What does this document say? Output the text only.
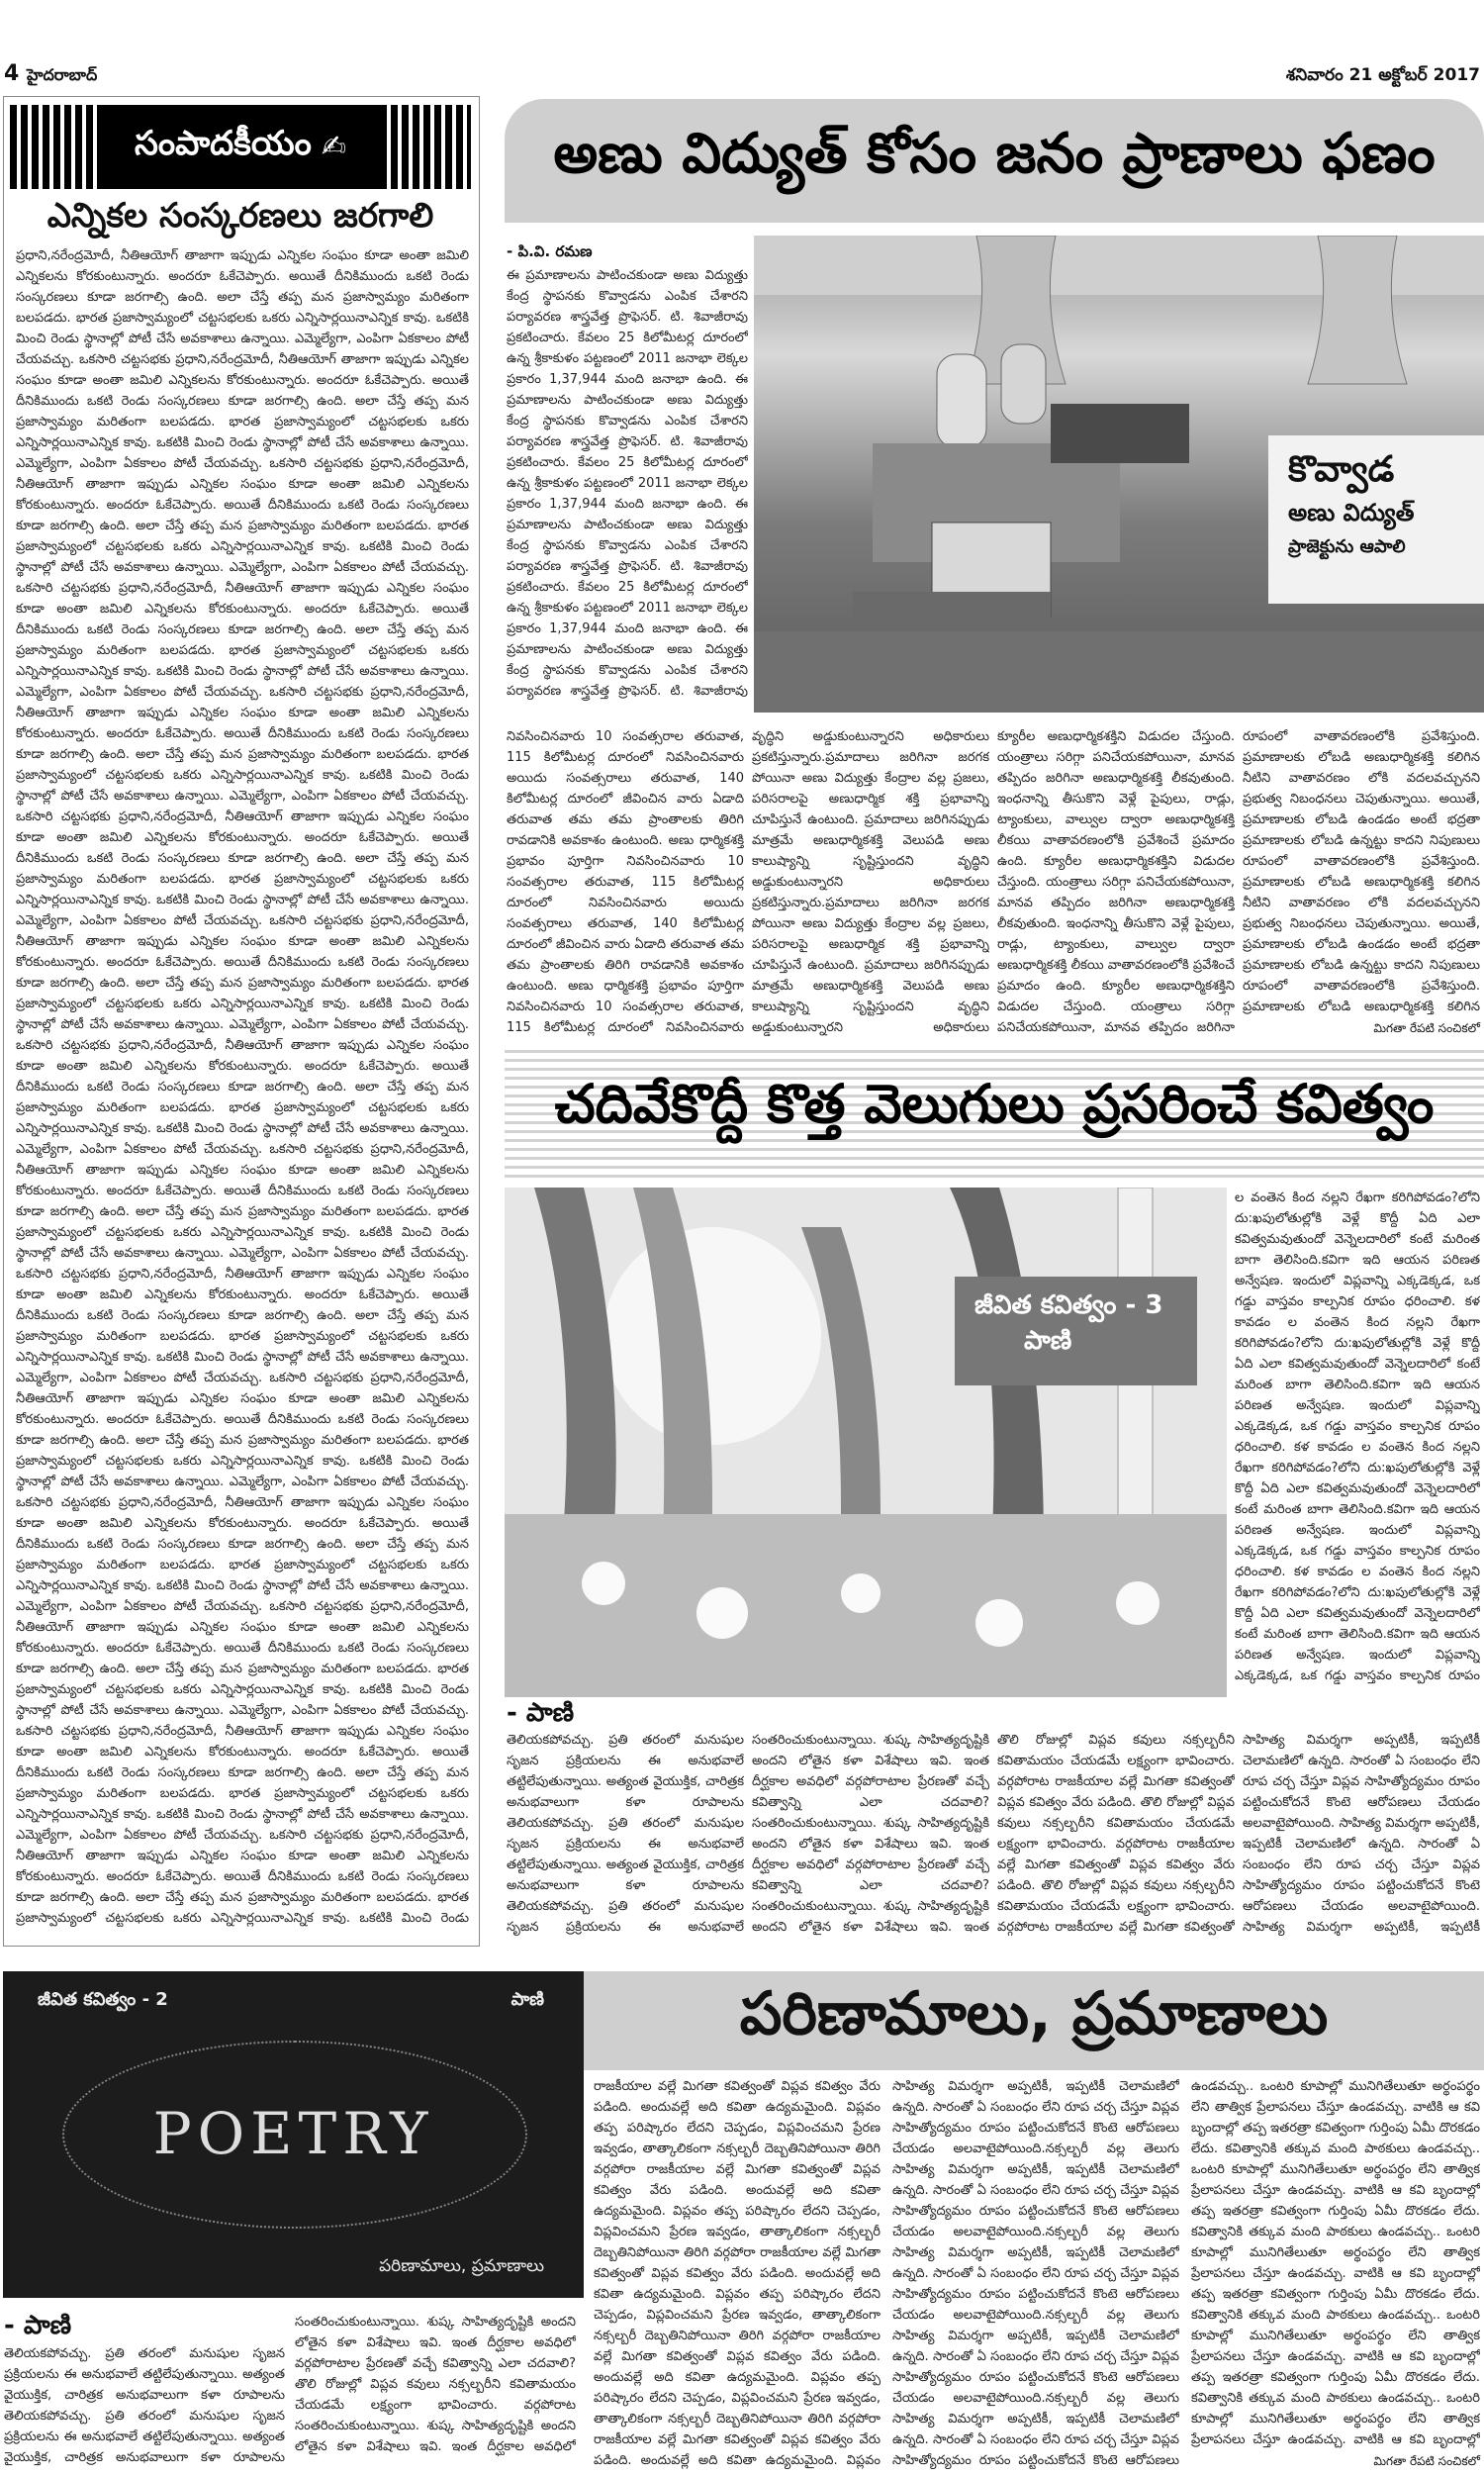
4 హైదరాబాద్	శనివారం 21 అక్టోబర్ 2017
సంపాదకీయం ✍
ఎన్నికల సంస్కరణలు జరగాలి
ప్రధాని,నరేంద్రమోదీ, నీతిఆయోగ్ తాజాగా ఇప్పుడు ఎన్నికల సంఘం కూడా అంతా జమిలి ఎన్నికలను కోరకుంటున్నారు. అందరూ ఓకేచెప్పారు. అయితే దీనికిముందు ఒకటి రెండు సంస్కరణలు కూడా జరగాల్సి ఉంది. అలా చేస్తే తప్ప మన ప్రజాస్వామ్యం మరితంగా బలపడదు. భారత ప్రజాస్వామ్యంలో చట్టసభలకు ఒకరు ఎన్నిసార్లయినాఎన్నిక కావు. ఒకటికి మించి రెండు స్థానాల్లో పోటీ చేసే అవకాశాలు ఉన్నాయి. ఎమ్మెల్యేగా, ఎంపిగా ఏకకాలం పోటీ చేయవచ్చు. ఒకసారి చట్టసభకు ప్రధాని,నరేంద్రమోదీ, నీతిఆయోగ్ తాజాగా ఇప్పుడు ఎన్నికల సంఘం కూడా అంతా జమిలి ఎన్నికలను కోరకుంటున్నారు. అందరూ ఓకేచెప్పారు. అయితే దీనికిముందు ఒకటి రెండు సంస్కరణలు కూడా జరగాల్సి ఉంది. అలా చేస్తే తప్ప మన ప్రజాస్వామ్యం మరితంగా బలపడదు. భారత ప్రజాస్వామ్యంలో చట్టసభలకు ఒకరు ఎన్నిసార్లయినాఎన్నిక కావు. ఒకటికి మించి రెండు స్థానాల్లో పోటీ చేసే అవకాశాలు ఉన్నాయి. ఎమ్మెల్యేగా, ఎంపిగా ఏకకాలం పోటీ చేయవచ్చు. ఒకసారి చట్టసభకు ప్రధాని,నరేంద్రమోదీ, నీతిఆయోగ్ తాజాగా ఇప్పుడు ఎన్నికల సంఘం కూడా అంతా జమిలి ఎన్నికలను కోరకుంటున్నారు. అందరూ ఓకేచెప్పారు. అయితే దీనికిముందు ఒకటి రెండు సంస్కరణలు కూడా జరగాల్సి ఉంది. అలా చేస్తే తప్ప మన ప్రజాస్వామ్యం మరితంగా బలపడదు. భారత ప్రజాస్వామ్యంలో చట్టసభలకు ఒకరు ఎన్నిసార్లయినాఎన్నిక కావు. ఒకటికి మించి రెండు స్థానాల్లో పోటీ చేసే అవకాశాలు ఉన్నాయి. ఎమ్మెల్యేగా, ఎంపిగా ఏకకాలం పోటీ చేయవచ్చు. ఒకసారి చట్టసభకు ప్రధాని,నరేంద్రమోదీ, నీతిఆయోగ్ తాజాగా ఇప్పుడు ఎన్నికల సంఘం కూడా అంతా జమిలి ఎన్నికలను కోరకుంటున్నారు. అందరూ ఓకేచెప్పారు. అయితే దీనికిముందు ఒకటి రెండు సంస్కరణలు కూడా జరగాల్సి ఉంది. అలా చేస్తే తప్ప మన ప్రజాస్వామ్యం మరితంగా బలపడదు. భారత ప్రజాస్వామ్యంలో చట్టసభలకు ఒకరు ఎన్నిసార్లయినాఎన్నిక కావు. ఒకటికి మించి రెండు స్థానాల్లో పోటీ చేసే అవకాశాలు ఉన్నాయి. ఎమ్మెల్యేగా, ఎంపిగా ఏకకాలం పోటీ చేయవచ్చు. ఒకసారి చట్టసభకు ప్రధాని,నరేంద్రమోదీ, నీతిఆయోగ్ తాజాగా ఇప్పుడు ఎన్నికల సంఘం కూడా అంతా జమిలి ఎన్నికలను కోరకుంటున్నారు. అందరూ ఓకేచెప్పారు. అయితే దీనికిముందు ఒకటి రెండు సంస్కరణలు కూడా జరగాల్సి ఉంది. అలా చేస్తే తప్ప మన ప్రజాస్వామ్యం మరితంగా బలపడదు. భారత ప్రజాస్వామ్యంలో చట్టసభలకు ఒకరు ఎన్నిసార్లయినాఎన్నిక కావు. ఒకటికి మించి రెండు స్థానాల్లో పోటీ చేసే అవకాశాలు ఉన్నాయి. ఎమ్మెల్యేగా, ఎంపిగా ఏకకాలం పోటీ చేయవచ్చు. ఒకసారి చట్టసభకు ప్రధాని,నరేంద్రమోదీ, నీతిఆయోగ్ తాజాగా ఇప్పుడు ఎన్నికల సంఘం కూడా అంతా జమిలి ఎన్నికలను కోరకుంటున్నారు. అందరూ ఓకేచెప్పారు. అయితే దీనికిముందు ఒకటి రెండు సంస్కరణలు కూడా జరగాల్సి ఉంది. అలా చేస్తే తప్ప మన ప్రజాస్వామ్యం మరితంగా బలపడదు. భారత ప్రజాస్వామ్యంలో చట్టసభలకు ఒకరు ఎన్నిసార్లయినాఎన్నిక కావు. ఒకటికి మించి రెండు స్థానాల్లో పోటీ చేసే అవకాశాలు ఉన్నాయి. ఎమ్మెల్యేగా, ఎంపిగా ఏకకాలం పోటీ చేయవచ్చు. ఒకసారి చట్టసభకు ప్రధాని,నరేంద్రమోదీ, నీతిఆయోగ్ తాజాగా ఇప్పుడు ఎన్నికల సంఘం కూడా అంతా జమిలి ఎన్నికలను కోరకుంటున్నారు. అందరూ ఓకేచెప్పారు. అయితే దీనికిముందు ఒకటి రెండు సంస్కరణలు కూడా జరగాల్సి ఉంది. అలా చేస్తే తప్ప మన ప్రజాస్వామ్యం మరితంగా బలపడదు. భారత ప్రజాస్వామ్యంలో చట్టసభలకు ఒకరు ఎన్నిసార్లయినాఎన్నిక కావు. ఒకటికి మించి రెండు స్థానాల్లో పోటీ చేసే అవకాశాలు ఉన్నాయి. ఎమ్మెల్యేగా, ఎంపిగా ఏకకాలం పోటీ చేయవచ్చు. ఒకసారి చట్టసభకు ప్రధాని,నరేంద్రమోదీ, నీతిఆయోగ్ తాజాగా ఇప్పుడు ఎన్నికల సంఘం కూడా అంతా జమిలి ఎన్నికలను కోరకుంటున్నారు. అందరూ ఓకేచెప్పారు. అయితే దీనికిముందు ఒకటి రెండు సంస్కరణలు కూడా జరగాల్సి ఉంది. అలా చేస్తే తప్ప మన ప్రజాస్వామ్యం మరితంగా బలపడదు. భారత ప్రజాస్వామ్యంలో చట్టసభలకు ఒకరు ఎన్నిసార్లయినాఎన్నిక కావు. ఒకటికి మించి రెండు స్థానాల్లో పోటీ చేసే అవకాశాలు ఉన్నాయి. ఎమ్మెల్యేగా, ఎంపిగా ఏకకాలం పోటీ చేయవచ్చు. ఒకసారి చట్టసభకు ప్రధాని,నరేంద్రమోదీ, నీతిఆయోగ్ తాజాగా ఇప్పుడు ఎన్నికల సంఘం కూడా అంతా జమిలి ఎన్నికలను కోరకుంటున్నారు. అందరూ ఓకేచెప్పారు. అయితే దీనికిముందు ఒకటి రెండు సంస్కరణలు కూడా జరగాల్సి ఉంది. అలా చేస్తే తప్ప మన ప్రజాస్వామ్యం మరితంగా బలపడదు. భారత ప్రజాస్వామ్యంలో చట్టసభలకు ఒకరు ఎన్నిసార్లయినాఎన్నిక కావు. ఒకటికి మించి రెండు స్థానాల్లో పోటీ చేసే అవకాశాలు ఉన్నాయి. ఎమ్మెల్యేగా, ఎంపిగా ఏకకాలం పోటీ చేయవచ్చు. ఒకసారి చట్టసభకు ప్రధాని,నరేంద్రమోదీ, నీతిఆయోగ్ తాజాగా ఇప్పుడు ఎన్నికల సంఘం కూడా అంతా జమిలి ఎన్నికలను కోరకుంటున్నారు. అందరూ ఓకేచెప్పారు. అయితే దీనికిముందు ఒకటి రెండు సంస్కరణలు కూడా జరగాల్సి ఉంది. అలా చేస్తే తప్ప మన ప్రజాస్వామ్యం మరితంగా బలపడదు. భారత ప్రజాస్వామ్యంలో చట్టసభలకు ఒకరు ఎన్నిసార్లయినాఎన్నిక కావు. ఒకటికి మించి రెండు స్థానాల్లో పోటీ చేసే అవకాశాలు ఉన్నాయి. ఎమ్మెల్యేగా, ఎంపిగా ఏకకాలం పోటీ చేయవచ్చు. ఒకసారి చట్టసభకు ప్రధాని,నరేంద్రమోదీ, నీతిఆయోగ్ తాజాగా ఇప్పుడు ఎన్నికల సంఘం కూడా అంతా జమిలి ఎన్నికలను కోరకుంటున్నారు. అందరూ ఓకేచెప్పారు. అయితే దీనికిముందు ఒకటి రెండు సంస్కరణలు కూడా జరగాల్సి ఉంది. అలా చేస్తే తప్ప మన ప్రజాస్వామ్యం మరితంగా బలపడదు. భారత ప్రజాస్వామ్యంలో చట్టసభలకు ఒకరు ఎన్నిసార్లయినాఎన్నిక కావు. ఒకటికి మించి రెండు స్థానాల్లో పోటీ చేసే అవకాశాలు ఉన్నాయి. ఎమ్మెల్యేగా, ఎంపిగా ఏకకాలం పోటీ చేయవచ్చు. ఒకసారి చట్టసభకు ప్రధాని,నరేంద్రమోదీ, నీతిఆయోగ్ తాజాగా ఇప్పుడు ఎన్నికల సంఘం కూడా అంతా జమిలి ఎన్నికలను కోరకుంటున్నారు. అందరూ ఓకేచెప్పారు. అయితే దీనికిముందు ఒకటి రెండు సంస్కరణలు కూడా జరగాల్సి ఉంది. అలా చేస్తే తప్ప మన ప్రజాస్వామ్యం మరితంగా బలపడదు. భారత ప్రజాస్వామ్యంలో చట్టసభలకు ఒకరు ఎన్నిసార్లయినాఎన్నిక కావు. ఒకటికి మించి రెండు స్థానాల్లో పోటీ చేసే అవకాశాలు ఉన్నాయి. ఎమ్మెల్యేగా, ఎంపిగా ఏకకాలం పోటీ చేయవచ్చు. ఒకసారి చట్టసభకు ప్రధాని,నరేంద్రమోదీ, నీతిఆయోగ్ తాజాగా ఇప్పుడు ఎన్నికల సంఘం కూడా అంతా జమిలి ఎన్నికలను కోరకుంటున్నారు. అందరూ ఓకేచెప్పారు. అయితే దీనికిముందు ఒకటి రెండు సంస్కరణలు కూడా జరగాల్సి ఉంది. అలా చేస్తే తప్ప మన ప్రజాస్వామ్యం మరితంగా బలపడదు. భారత ప్రజాస్వామ్యంలో చట్టసభలకు ఒకరు ఎన్నిసార్లయినాఎన్నిక కావు. ఒకటికి మించి రెండు స్థానాల్లో పోటీ చేసే అవకాశాలు ఉన్నాయి. ఎమ్మెల్యేగా, ఎంపిగా ఏకకాలం పోటీ చేయవచ్చు. ఒకసారి చట్టసభకు ప్రధాని,నరేంద్రమోదీ, నీతిఆయోగ్ తాజాగా ఇప్పుడు ఎన్నికల సంఘం కూడా అంతా జమిలి ఎన్నికలను కోరకుంటున్నారు. అందరూ ఓకేచెప్పారు. అయితే దీనికిముందు ఒకటి రెండు సంస్కరణలు కూడా జరగాల్సి ఉంది. అలా చేస్తే తప్ప మన ప్రజాస్వామ్యం మరితంగా బలపడదు. భారత ప్రజాస్వామ్యంలో చట్టసభలకు ఒకరు ఎన్నిసార్లయినాఎన్నిక కావు. ఒకటికి మించి రెండు స్థానాల్లో పోటీ చేసే అవకాశాలు ఉన్నాయి. ఎమ్మెల్యేగా, ఎంపిగా ఏకకాలం పోటీ చేయవచ్చు. ఒకసారి చట్టసభకు ప్రధాని,నరేంద్రమోదీ, నీతిఆయోగ్ తాజాగా ఇప్పుడు ఎన్నికల సంఘం కూడా అంతా జమిలి ఎన్నికలను కోరకుంటున్నారు. అందరూ ఓకేచెప్పారు. అయితే దీనికిముందు ఒకటి రెండు సంస్కరణలు కూడా జరగాల్సి ఉంది. అలా చేస్తే తప్ప మన ప్రజాస్వామ్యం మరితంగా బలపడదు. భారత ప్రజాస్వామ్యంలో చట్టసభలకు ఒకరు ఎన్నిసార్లయినాఎన్నిక కావు. ఒకటికి మించి రెండు
అణు విద్యుత్ కోసం జనం ప్రాణాలు ఫణం
- పి.వి. రమణ
ఈ ప్రమాణాలను పాటించకుండా అణు విద్యుత్తు కేంద్ర స్థాపనకు కొవ్వాడను ఎంపిక చేశారని పర్యావరణ శాస్త్రవేత్త ప్రొఫెసర్. టి. శివాజీరావు ప్రకటించారు. కేవలం 25 కిలోమీటర్ల దూరంలో ఉన్న శ్రీకాకుళం పట్టణంలో 2011 జనాభా లెక్కల ప్రకారం 1,37,944 మంది జనాభా ఉంది. ఈ ప్రమాణాలను పాటించకుండా అణు విద్యుత్తు కేంద్ర స్థాపనకు కొవ్వాడను ఎంపిక చేశారని పర్యావరణ శాస్త్రవేత్త ప్రొఫెసర్. టి. శివాజీరావు ప్రకటించారు. కేవలం 25 కిలోమీటర్ల దూరంలో ఉన్న శ్రీకాకుళం పట్టణంలో 2011 జనాభా లెక్కల ప్రకారం 1,37,944 మంది జనాభా ఉంది. ఈ ప్రమాణాలను పాటించకుండా అణు విద్యుత్తు కేంద్ర స్థాపనకు కొవ్వాడను ఎంపిక చేశారని పర్యావరణ శాస్త్రవేత్త ప్రొఫెసర్. టి. శివాజీరావు ప్రకటించారు. కేవలం 25 కిలోమీటర్ల దూరంలో ఉన్న శ్రీకాకుళం పట్టణంలో 2011 జనాభా లెక్కల ప్రకారం 1,37,944 మంది జనాభా ఉంది. ఈ ప్రమాణాలను పాటించకుండా అణు విద్యుత్తు కేంద్ర స్థాపనకు కొవ్వాడను ఎంపిక చేశారని పర్యావరణ శాస్త్రవేత్త ప్రొఫెసర్. టి. శివాజీరావు
కొవ్వాడ
అణు విద్యుత్
ప్రాజెక్టును ఆపాలి
నివసించినవారు 10 సంవత్సరాల తరువాత, 115 కిలోమీటర్ల దూరంలో నివసించినవారు అయిదు సంవత్సరాలు తరువాత, 140 కిలోమీటర్ల దూరంలో జీవించిన వారు ఏడాది తరువాత తమ తమ ప్రాంతాలకు తిరిగి రావడానికి అవకాశం ఉంటుంది. అణు ధార్మికశక్తి ప్రభావం పూర్తిగా నివసించినవారు 10 సంవత్సరాల తరువాత, 115 కిలోమీటర్ల దూరంలో నివసించినవారు అయిదు సంవత్సరాలు తరువాత, 140 కిలోమీటర్ల దూరంలో జీవించిన వారు ఏడాది తరువాత తమ తమ ప్రాంతాలకు తిరిగి రావడానికి అవకాశం ఉంటుంది. అణు ధార్మికశక్తి ప్రభావం పూర్తిగా నివసించినవారు 10 సంవత్సరాల తరువాత, 115 కిలోమీటర్ల దూరంలో నివసించినవారు
వృద్ధిని అడ్డుకుంటున్నారని అధికారులు ప్రకటిస్తున్నారు.ప్రమాదాలు జరిగినా జరగక పోయినా అణు విద్యుత్తు కేంద్రాల వల్ల ప్రజలు, పరిసరాలపై అణుధార్మిక శక్తి ప్రభావాన్ని చూపిస్తునే ఉంటుంది. ప్రమాదాలు జరిగినప్పుడు మాత్రమే అణుధార్మికశక్తి వెలుపడి అణు కాలుష్యాన్ని సృష్టిస్తుందని వృద్ధిని అడ్డుకుంటున్నారని అధికారులు ప్రకటిస్తున్నారు.ప్రమాదాలు జరిగినా జరగక పోయినా అణు విద్యుత్తు కేంద్రాల వల్ల ప్రజలు, పరిసరాలపై అణుధార్మిక శక్తి ప్రభావాన్ని చూపిస్తునే ఉంటుంది. ప్రమాదాలు జరిగినప్పుడు మాత్రమే అణుధార్మికశక్తి వెలుపడి అణు కాలుష్యాన్ని సృష్టిస్తుందని వృద్ధిని అడ్డుకుంటున్నారని అధికారులు
క్యూరీల అణుధార్మికశక్తిని విడుదల చేస్తుంది. యంత్రాలు సరిగ్గా పనిచేయకపోయినా, మానవ తప్పిదం జరిగినా అణుధార్మికశక్తి లీకవుతుంది. ఇంధనాన్ని తీసుకొని వెళ్లే పైపులు, రాడ్లు, ట్యాంకులు, వాల్వుల ద్వారా అణుధార్మికశక్తి లీకయి వాతావరణంలోకి ప్రవేశించే ప్రమాదం ఉంది. క్యూరీల అణుధార్మికశక్తిని విడుదల చేస్తుంది. యంత్రాలు సరిగ్గా పనిచేయకపోయినా, మానవ తప్పిదం జరిగినా అణుధార్మికశక్తి లీకవుతుంది. ఇంధనాన్ని తీసుకొని వెళ్లే పైపులు, రాడ్లు, ట్యాంకులు, వాల్వుల ద్వారా అణుధార్మికశక్తి లీకయి వాతావరణంలోకి ప్రవేశించే ప్రమాదం ఉంది. క్యూరీల అణుధార్మికశక్తిని విడుదల చేస్తుంది. యంత్రాలు సరిగ్గా పనిచేయకపోయినా, మానవ తప్పిదం జరిగినా
రూపంలో వాతావరణంలోకి ప్రవేశిస్తుంది. ప్రమాణాలకు లోబడి అణుధార్మికశక్తి కలిగిన నీటిని వాతావరణం లోకి వదలవచ్చునని ప్రభుత్వ నిబంధనలు చెపుతున్నాయి. అయితే, ప్రమాణాలకు లోబడి ఉండడం అంటే భద్రతా ప్రమాణాలకు లోబడి ఉన్నట్టు కాదని నిపుణులు రూపంలో వాతావరణంలోకి ప్రవేశిస్తుంది. ప్రమాణాలకు లోబడి అణుధార్మికశక్తి కలిగిన నీటిని వాతావరణం లోకి వదలవచ్చునని ప్రభుత్వ నిబంధనలు చెపుతున్నాయి. అయితే, ప్రమాణాలకు లోబడి ఉండడం అంటే భద్రతా ప్రమాణాలకు లోబడి ఉన్నట్టు కాదని నిపుణులు రూపంలో వాతావరణంలోకి ప్రవేశిస్తుంది. ప్రమాణాలకు లోబడి అణుధార్మికశక్తి కలిగిన
మిగతా రేపటి సంచికలో
చదివేకొద్దీ కొత్త వెలుగులు ప్రసరించే కవిత్వం
జీవిత కవిత్వం - 3
పాణి
ల వంతెన కింద నల్లని రేఖగా కరిగిపోవడం?లోని దు:ఖపులోతుల్లోకి వెళ్లే కొద్దీ ఏది ఎలా కవిత్వమవుతుందో వెన్నెలదారిలో కంటే మరింత బాగా తెలిసింది.కవిగా ఇది ఆయన పరిణత అన్వేషణ. ఇందులో విప్లవాన్ని ఎక్కడెక్కడ, ఒక గడ్డు వాస్తవం కాల్పనిక రూపం ధరించాలి. కళ కావడం ల వంతెన కింద నల్లని రేఖగా కరిగిపోవడం?లోని దు:ఖపులోతుల్లోకి వెళ్లే కొద్దీ ఏది ఎలా కవిత్వమవుతుందో వెన్నెలదారిలో కంటే మరింత బాగా తెలిసింది.కవిగా ఇది ఆయన పరిణత అన్వేషణ. ఇందులో విప్లవాన్ని ఎక్కడెక్కడ, ఒక గడ్డు వాస్తవం కాల్పనిక రూపం ధరించాలి. కళ కావడం ల వంతెన కింద నల్లని రేఖగా కరిగిపోవడం?లోని దు:ఖపులోతుల్లోకి వెళ్లే కొద్దీ ఏది ఎలా కవిత్వమవుతుందో వెన్నెలదారిలో కంటే మరింత బాగా తెలిసింది.కవిగా ఇది ఆయన పరిణత అన్వేషణ. ఇందులో విప్లవాన్ని ఎక్కడెక్కడ, ఒక గడ్డు వాస్తవం కాల్పనిక రూపం ధరించాలి. కళ కావడం ల వంతెన కింద నల్లని రేఖగా కరిగిపోవడం?లోని దు:ఖపులోతుల్లోకి వెళ్లే కొద్దీ ఏది ఎలా కవిత్వమవుతుందో వెన్నెలదారిలో కంటే మరింత బాగా తెలిసింది.కవిగా ఇది ఆయన పరిణత అన్వేషణ. ఇందులో విప్లవాన్ని ఎక్కడెక్కడ, ఒక గడ్డు వాస్తవం కాల్పనిక రూపం
- పాణి
తెలియకపోవచ్చు. ప్రతి తరంలో మనుషుల సృజన ప్రక్రియలను ఈ అనుభవాలే తట్టిలేపుతున్నాయి. అత్యంత వైయుక్తిక, చారిత్రక అనుభవాలుగా కళా రూపాలను తెలియకపోవచ్చు. ప్రతి తరంలో మనుషుల సృజన ప్రక్రియలను ఈ అనుభవాలే తట్టిలేపుతున్నాయి. అత్యంత వైయుక్తిక, చారిత్రక అనుభవాలుగా కళా రూపాలను తెలియకపోవచ్చు. ప్రతి తరంలో మనుషుల సృజన ప్రక్రియలను ఈ అనుభవాలే
సంతరించుకుంటున్నాయి. శుష్క సాహిత్యదృష్టికి అందని లోతైన కళా విశేషాలు ఇవి. ఇంత దీర్ఘకాల అవధిలో వర్గపోరాటాల ప్రేరణతో వచ్చే కవిత్వాన్ని ఎలా చదవాలి? సంతరించుకుంటున్నాయి. శుష్క సాహిత్యదృష్టికి అందని లోతైన కళా విశేషాలు ఇవి. ఇంత దీర్ఘకాల అవధిలో వర్గపోరాటాల ప్రేరణతో వచ్చే కవిత్వాన్ని ఎలా చదవాలి? సంతరించుకుంటున్నాయి. శుష్క సాహిత్యదృష్టికి అందని లోతైన కళా విశేషాలు ఇవి. ఇంత
తొలి రోజుల్లో విప్లవ కవులు నక్సల్బరీని కవితామయం చేయడమే లక్ష్యంగా భావించారు. వర్గపోరాట రాజకీయాల వల్లే మిగతా కవిత్వంతో విప్లవ కవిత్వం వేరు పడింది. తొలి రోజుల్లో విప్లవ కవులు నక్సల్బరీని కవితామయం చేయడమే లక్ష్యంగా భావించారు. వర్గపోరాట రాజకీయాల వల్లే మిగతా కవిత్వంతో విప్లవ కవిత్వం వేరు పడింది. తొలి రోజుల్లో విప్లవ కవులు నక్సల్బరీని కవితామయం చేయడమే లక్ష్యంగా భావించారు. వర్గపోరాట రాజకీయాల వల్లే మిగతా కవిత్వంతో
సాహిత్య విమర్శగా అప్పటికీ, ఇప్పటికీ చెలామణిలో ఉన్నది. సారంతో ఏ సంబంధం లేని రూప చర్చ చేస్తూ విప్లవ సాహిత్యోద్యమం రూపం పట్టించుకోదనే కొంటె ఆరోపణలు చేయడం అలవాటైపోయింది. సాహిత్య విమర్శగా అప్పటికీ, ఇప్పటికీ చెలామణిలో ఉన్నది. సారంతో ఏ సంబంధం లేని రూప చర్చ చేస్తూ విప్లవ సాహిత్యోద్యమం రూపం పట్టించుకోదనే కొంటె ఆరోపణలు చేయడం అలవాటైపోయింది. సాహిత్య విమర్శగా అప్పటికీ, ఇప్పటికీ
జీవిత కవిత్వం - 2	పాణి
POETRY
పరిణామాలు, ప్రమాణాలు
పరిణామాలు, ప్రమాణాలు
- పాణి
తెలియకపోవచ్చు. ప్రతి తరంలో మనుషుల సృజన ప్రక్రియలను ఈ అనుభవాలే తట్టిలేపుతున్నాయి. అత్యంత వైయుక్తిక, చారిత్రక అనుభవాలుగా కళా రూపాలను తెలియకపోవచ్చు. ప్రతి తరంలో మనుషుల సృజన ప్రక్రియలను ఈ అనుభవాలే తట్టిలేపుతున్నాయి. అత్యంత వైయుక్తిక, చారిత్రక అనుభవాలుగా కళా రూపాలను
సంతరించుకుంటున్నాయి. శుష్క సాహిత్యదృష్టికి అందని లోతైన కళా విశేషాలు ఇవి. ఇంత దీర్ఘకాల అవధిలో వర్గపోరాటాల ప్రేరణతో వచ్చే కవిత్వాన్ని ఎలా చదవాలి?తొలి రోజుల్లో విప్లవ కవులు నక్సల్బరీని కవితామయం చేయడమే లక్ష్యంగా భావించారు. వర్గపోరాట సంతరించుకుంటున్నాయి. శుష్క సాహిత్యదృష్టికి అందని లోతైన కళా విశేషాలు ఇవి. ఇంత దీర్ఘకాల అవధిలో
రాజకీయాల వల్లే మిగతా కవిత్వంతో విప్లవ కవిత్వం వేరు పడింది. అందువల్లే అది కవితా ఉద్యమమైంది. విప్లవం తప్ప పరిష్కారం లేదని చెప్పడం, విప్లవించమని ప్రేరణ ఇవ్వడం, తాత్కాలికంగా నక్సల్బరీ దెబ్బతినిపోయినా తిరిగి వర్గపోరా రాజకీయాల వల్లే మిగతా కవిత్వంతో విప్లవ కవిత్వం వేరు పడింది. అందువల్లే అది కవితా ఉద్యమమైంది. విప్లవం తప్ప పరిష్కారం లేదని చెప్పడం, విప్లవించమని ప్రేరణ ఇవ్వడం, తాత్కాలికంగా నక్సల్బరీ దెబ్బతినిపోయినా తిరిగి వర్గపోరా రాజకీయాల వల్లే మిగతా కవిత్వంతో విప్లవ కవిత్వం వేరు పడింది. అందువల్లే అది కవితా ఉద్యమమైంది. విప్లవం తప్ప పరిష్కారం లేదని చెప్పడం, విప్లవించమని ప్రేరణ ఇవ్వడం, తాత్కాలికంగా నక్సల్బరీ దెబ్బతినిపోయినా తిరిగి వర్గపోరా రాజకీయాల వల్లే మిగతా కవిత్వంతో విప్లవ కవిత్వం వేరు పడింది. అందువల్లే అది కవితా ఉద్యమమైంది. విప్లవం తప్ప పరిష్కారం లేదని చెప్పడం, విప్లవించమని ప్రేరణ ఇవ్వడం, తాత్కాలికంగా నక్సల్బరీ దెబ్బతినిపోయినా తిరిగి వర్గపోరా రాజకీయాల వల్లే మిగతా కవిత్వంతో విప్లవ కవిత్వం వేరు పడింది. అందువల్లే అది కవితా ఉద్యమమైంది. విప్లవం
సాహిత్య విమర్శగా అప్పటికీ, ఇప్పటికీ చెలామణిలో ఉన్నది. సారంతో ఏ సంబంధం లేని రూప చర్చ చేస్తూ విప్లవ సాహిత్యోద్యమం రూపం పట్టించుకోదనే కొంటె ఆరోపణలు చేయడం అలవాటైపోయింది.నక్సల్బరీ వల్ల తెలుగు సాహిత్య విమర్శగా అప్పటికీ, ఇప్పటికీ చెలామణిలో ఉన్నది. సారంతో ఏ సంబంధం లేని రూప చర్చ చేస్తూ విప్లవ సాహిత్యోద్యమం రూపం పట్టించుకోదనే కొంటె ఆరోపణలు చేయడం అలవాటైపోయింది.నక్సల్బరీ వల్ల తెలుగు సాహిత్య విమర్శగా అప్పటికీ, ఇప్పటికీ చెలామణిలో ఉన్నది. సారంతో ఏ సంబంధం లేని రూప చర్చ చేస్తూ విప్లవ సాహిత్యోద్యమం రూపం పట్టించుకోదనే కొంటె ఆరోపణలు చేయడం అలవాటైపోయింది.నక్సల్బరీ వల్ల తెలుగు సాహిత్య విమర్శగా అప్పటికీ, ఇప్పటికీ చెలామణిలో ఉన్నది. సారంతో ఏ సంబంధం లేని రూప చర్చ చేస్తూ విప్లవ సాహిత్యోద్యమం రూపం పట్టించుకోదనే కొంటె ఆరోపణలు చేయడం అలవాటైపోయింది.నక్సల్బరీ వల్ల తెలుగు సాహిత్య విమర్శగా అప్పటికీ, ఇప్పటికీ చెలామణిలో ఉన్నది. సారంతో ఏ సంబంధం లేని రూప చర్చ చేస్తూ విప్లవ సాహిత్యోద్యమం రూపం పట్టించుకోదనే కొంటె ఆరోపణలు
ఉండవచ్చు.. ఒంటరి కూపాల్లో మునిగితేలుతూ అర్థంపర్థం లేని తాత్విక ప్రేలాపనలు చేస్తూ ఉండవచ్చు. వాటికి ఆ కవి బృందాల్లో తప్ప ఇతరత్రా కవిత్వంగా గుర్తింపు ఏమీ దొరకడం లేదు. కవిత్వానికి తక్కువ మంది పాఠకులు ఉండవచ్చు.. ఒంటరి కూపాల్లో మునిగితేలుతూ అర్థంపర్థం లేని తాత్విక ప్రేలాపనలు చేస్తూ ఉండవచ్చు. వాటికి ఆ కవి బృందాల్లో తప్ప ఇతరత్రా కవిత్వంగా గుర్తింపు ఏమీ దొరకడం లేదు. కవిత్వానికి తక్కువ మంది పాఠకులు ఉండవచ్చు.. ఒంటరి కూపాల్లో మునిగితేలుతూ అర్థంపర్థం లేని తాత్విక ప్రేలాపనలు చేస్తూ ఉండవచ్చు. వాటికి ఆ కవి బృందాల్లో తప్ప ఇతరత్రా కవిత్వంగా గుర్తింపు ఏమీ దొరకడం లేదు. కవిత్వానికి తక్కువ మంది పాఠకులు ఉండవచ్చు.. ఒంటరి కూపాల్లో మునిగితేలుతూ అర్థంపర్థం లేని తాత్విక ప్రేలాపనలు చేస్తూ ఉండవచ్చు. వాటికి ఆ కవి బృందాల్లో తప్ప ఇతరత్రా కవిత్వంగా గుర్తింపు ఏమీ దొరకడం లేదు. కవిత్వానికి తక్కువ మంది పాఠకులు ఉండవచ్చు.. ఒంటరి కూపాల్లో మునిగితేలుతూ అర్థంపర్థం లేని తాత్విక ప్రేలాపనలు చేస్తూ ఉండవచ్చు. వాటికి ఆ కవి బృందాల్లో
మిగతా రేపటి సంచికలో
